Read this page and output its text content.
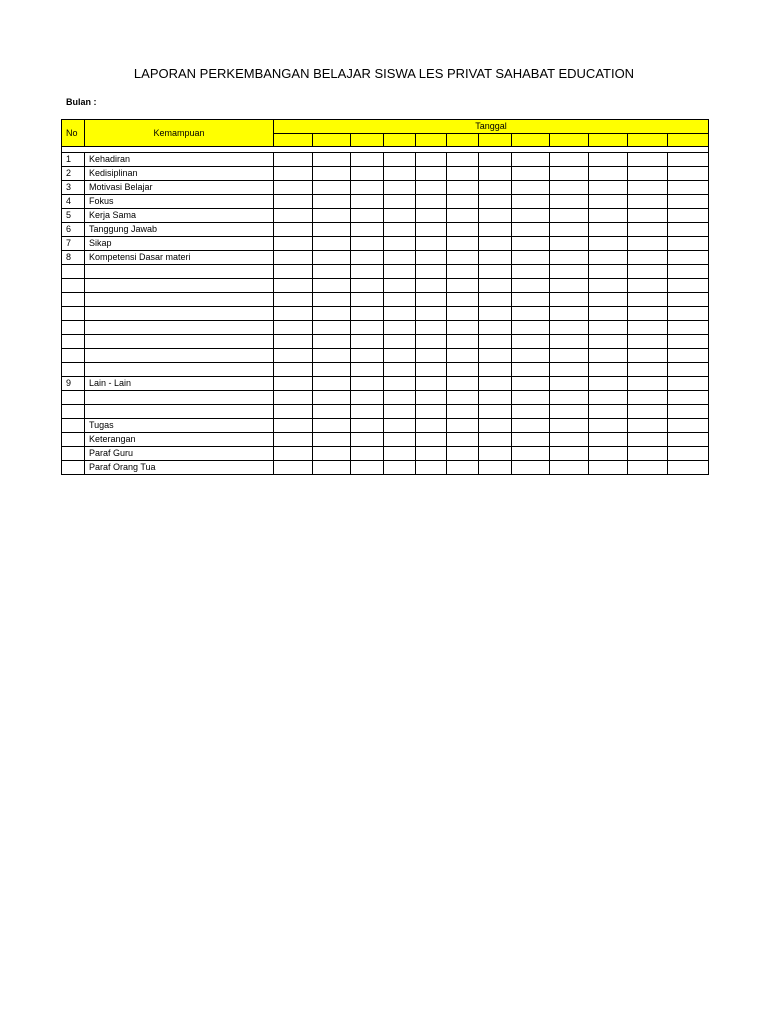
LAPORAN PERKEMBANGAN BELAJAR SISWA LES PRIVAT SAHABAT EDUCATION
Bulan :
No	Kemampuan	Tanggal											

1	Kehadiran												
2	Kedisiplinan												
3	Motivasi Belajar												
4	Fokus												
5	Kerja Sama												
6	Tanggung Jawab												
7	Sikap												
8	Kompetensi Dasar materi												

9	Lain - Lain												

	Tugas												
	Keterangan												
	Paraf Guru												
	Paraf Orang Tua												
